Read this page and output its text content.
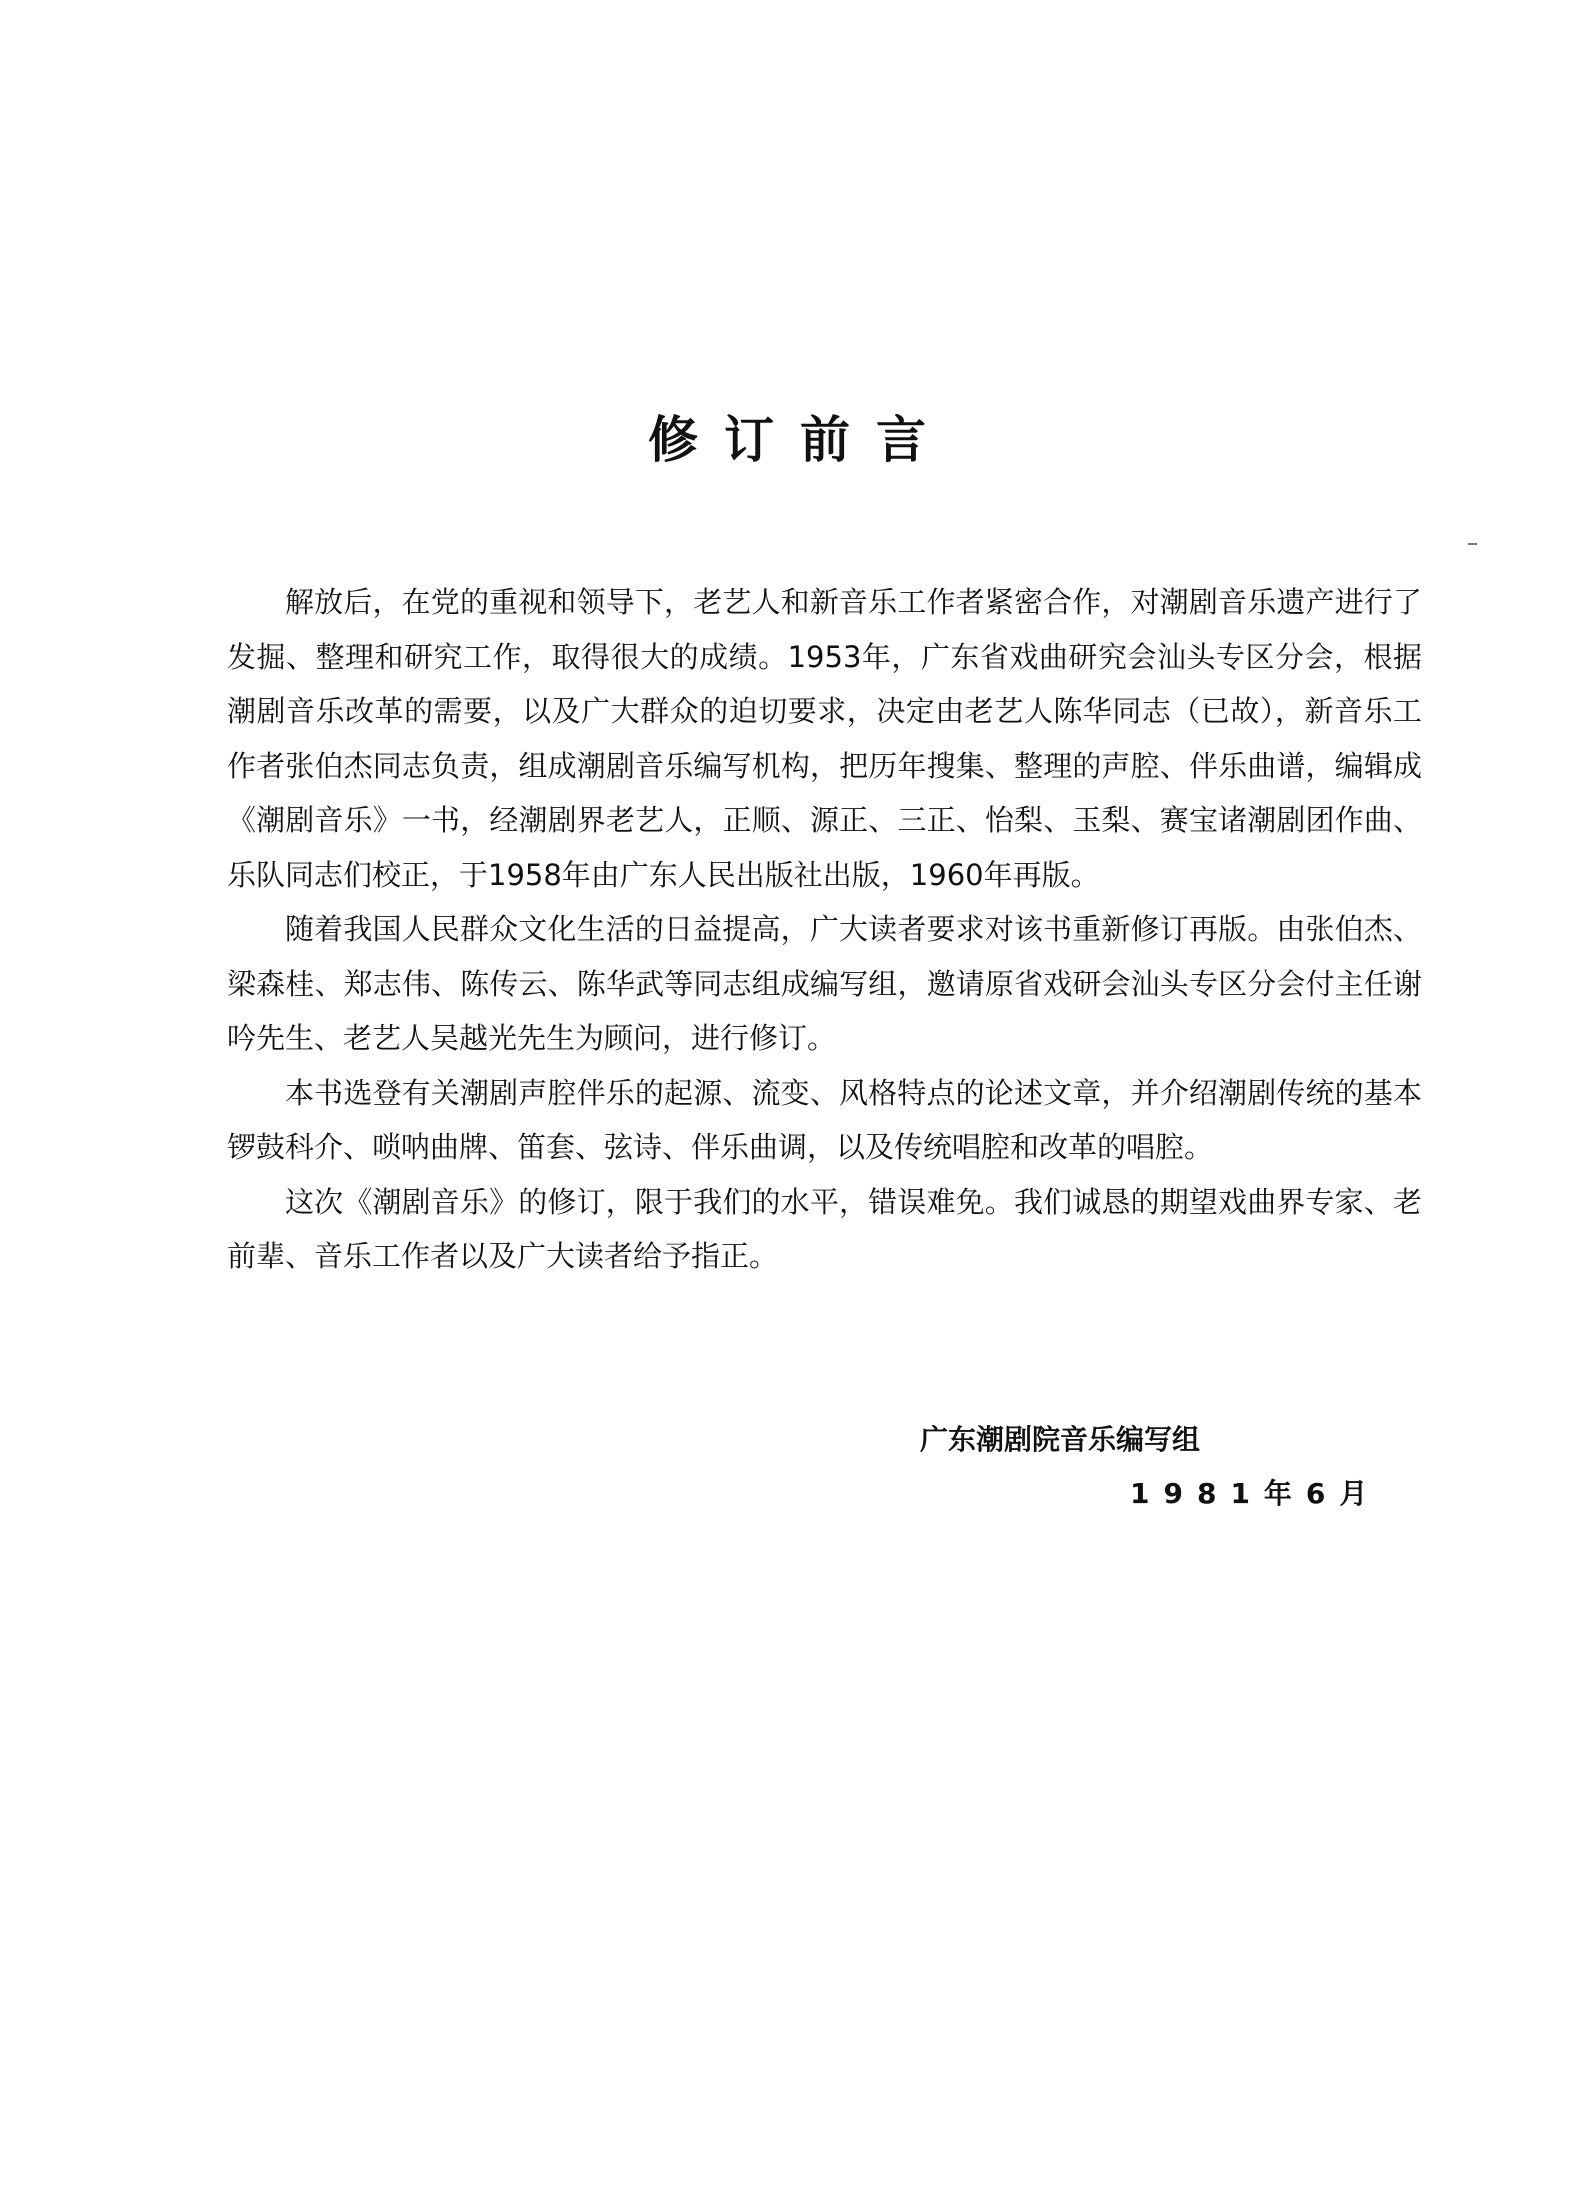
修订前言

解放后，在党的重视和领导下，老艺人和新音乐工作者紧密合作，对潮剧音乐遗产进行了发掘、整理和研究工作，取得很大的成绩。1953年，广东省戏曲研究会汕头专区分会，根据潮剧音乐改革的需要，以及广大群众的迫切要求，决定由老艺人陈华同志（已故），新音乐工作者张伯杰同志负责，组成潮剧音乐编写机构，把历年搜集、整理的声腔、伴乐曲谱，编辑成《潮剧音乐》一书，经潮剧界老艺人，正顺、源正、三正、怡梨、玉梨、赛宝诸潮剧团作曲、乐队同志们校正，于1958年由广东人民出版社出版，1960年再版。

随着我国人民群众文化生活的日益提高，广大读者要求对该书重新修订再版。由张伯杰、梁森桂、郑志伟、陈传云、陈华武等同志组成编写组，邀请原省戏研会汕头专区分会付主任谢吟先生、老艺人吴越光先生为顾问，进行修订。

本书选登有关潮剧声腔伴乐的起源、流变、风格特点的论述文章，并介绍潮剧传统的基本锣鼓科介、唢呐曲牌、笛套、弦诗、伴乐曲调，以及传统唱腔和改革的唱腔。

这次《潮剧音乐》的修订，限于我们的水平，错误难免。我们诚恳的期望戏曲界专家、老前辈、音乐工作者以及广大读者给予指正。

广东潮剧院音乐编写组
1981年6月
